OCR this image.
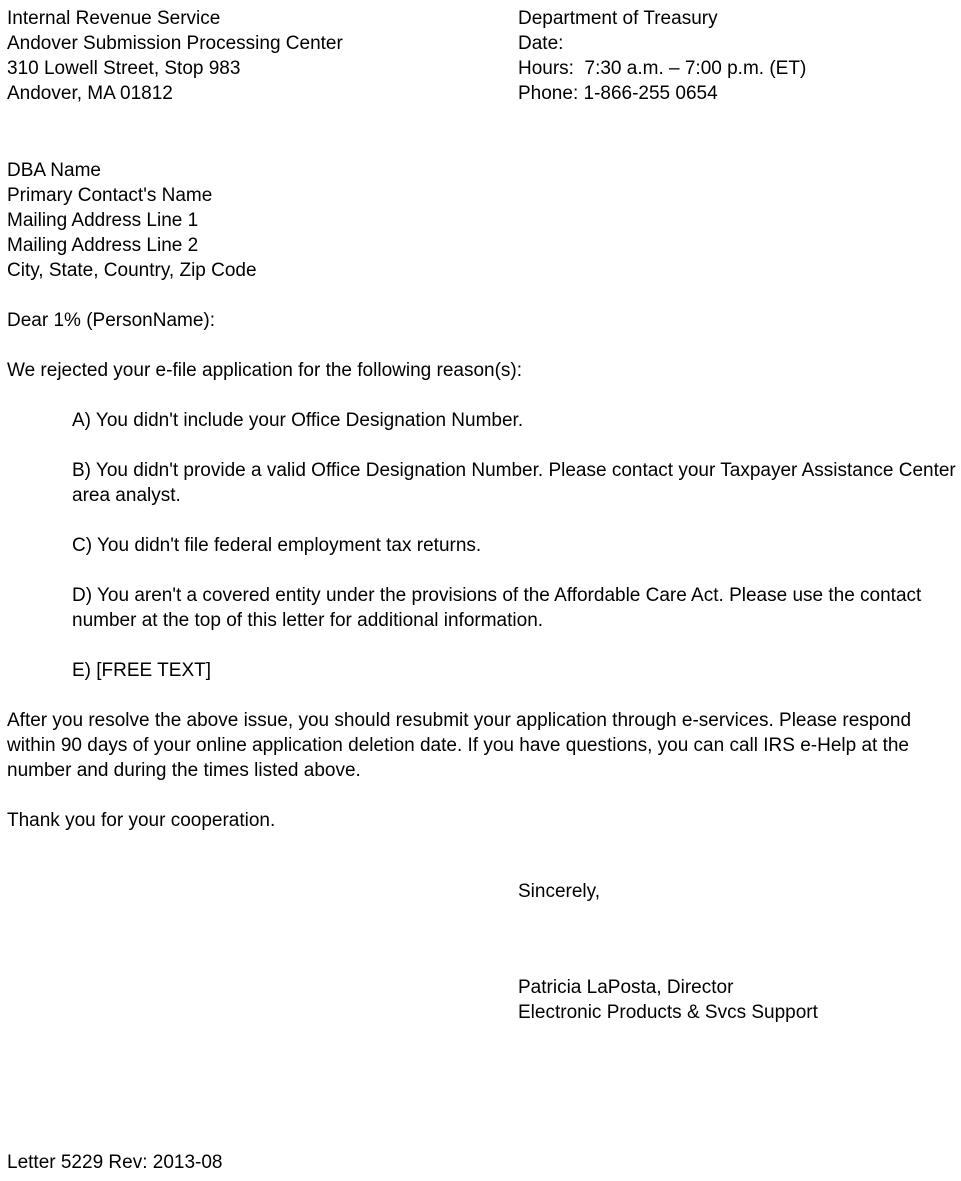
Internal Revenue Service
Andover Submission Processing Center
310 Lowell Street, Stop 983
Andover, MA 01812
Department of Treasury
Date:
Hours:  7:30 a.m. – 7:00 p.m. (ET)
Phone: 1-866-255 0654
DBA Name
Primary Contact's Name
Mailing Address Line 1
Mailing Address Line 2
City, State, Country, Zip Code
Dear 1% (PersonName):
We rejected your e-file application for the following reason(s):
A) You didn't include your Office Designation Number.
B) You didn't provide a valid Office Designation Number. Please contact your Taxpayer Assistance Center area analyst.
C) You didn't file federal employment tax returns.
D) You aren't a covered entity under the provisions of the Affordable Care Act. Please use the contact number at the top of this letter for additional information.
E) [FREE TEXT]
After you resolve the above issue, you should resubmit your application through e-services. Please respond within 90 days of your online application deletion date. If you have questions, you can call IRS e-Help at the number and during the times listed above.
Thank you for your cooperation.
Sincerely,
Patricia LaPosta, Director
Electronic Products & Svcs Support
Letter 5229 Rev: 2013-08
